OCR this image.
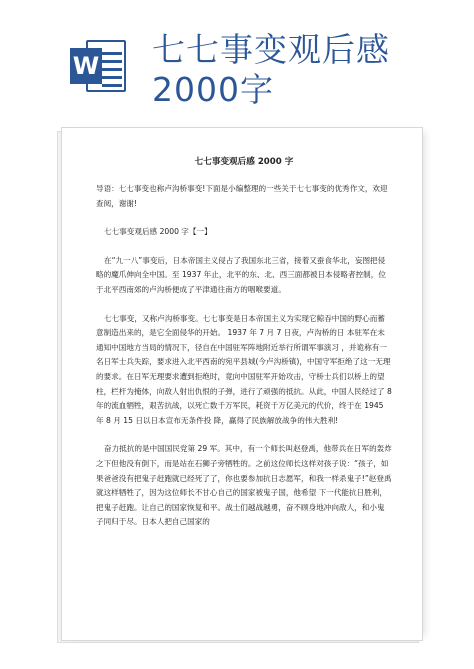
W 七七事变观后感2000字
七七事变观后感 2000 字

导语：七七事变也称卢沟桥事变!下面是小编整理的一些关于七七事变的优秀作文，欢迎查阅，谢谢!

七七事变观后感 2000 字【一】

在“九一八”事变后，日本帝国主义侵占了我国东北三省，接着又蚕食华北，妄图把侵略的魔爪伸向全中国。至 1937 年止，北平的东、北、西三面都被日本侵略者控制，位于北平西南郊的卢沟桥便成了平津通往南方的咽喉要道。

七七事变，又称卢沟桥事变。七七事变是日本帝国主义为实现它鲸吞中国的野心而蓄意制造出来的，是它全面侵华的开始。 1937 年 7 月 7 日夜，卢沟桥的日 本驻军在未通知中国地方当局的情况下，径自在中国驻军阵地附近举行所谓军事演习 ，并诡称有一名日军士兵失踪，要求进入北平西南的宛平县城(今卢沟桥镇)，中国守军拒绝了这一无理的要求。在日军无理要求遭到拒绝时，竟向中国驻军开始攻击，守桥士兵们以桥上的望柱，栏杆为掩体，向敌人射出仇恨的子弹，进行了顽强的抵抗。从此，中国人民经过了 8 年的流血牺牲，艰苦抗战，以死亡数千万军民，耗资千万亿美元的代价，终于在 1945 年 8 月 15 日以日本宣布无条件投 降，赢得了民族解放战争的伟大胜利!

奋力抵抗的是中国国民党第 29 军。其中，有一个师长叫赵登禹，他带兵在日军的轰炸之下但他没有倒下，而是站在石狮子旁牺牲的。之前这位师长这样对孩子说：“孩子，如果爸爸没有把鬼子赶跑就已经死了了，你也要参加抗日志愿军，和我一样杀鬼子!”赵登禹就这样牺牲了，因为这位师长不甘心自己的国家被鬼子国，他希望 下一代能抗日胜利，把鬼子赶跑。让自己的国家恢复和平。战士们越战越勇，奋不顾身地冲向敌人，和小鬼子同归于尽。日本人把自己国家的
